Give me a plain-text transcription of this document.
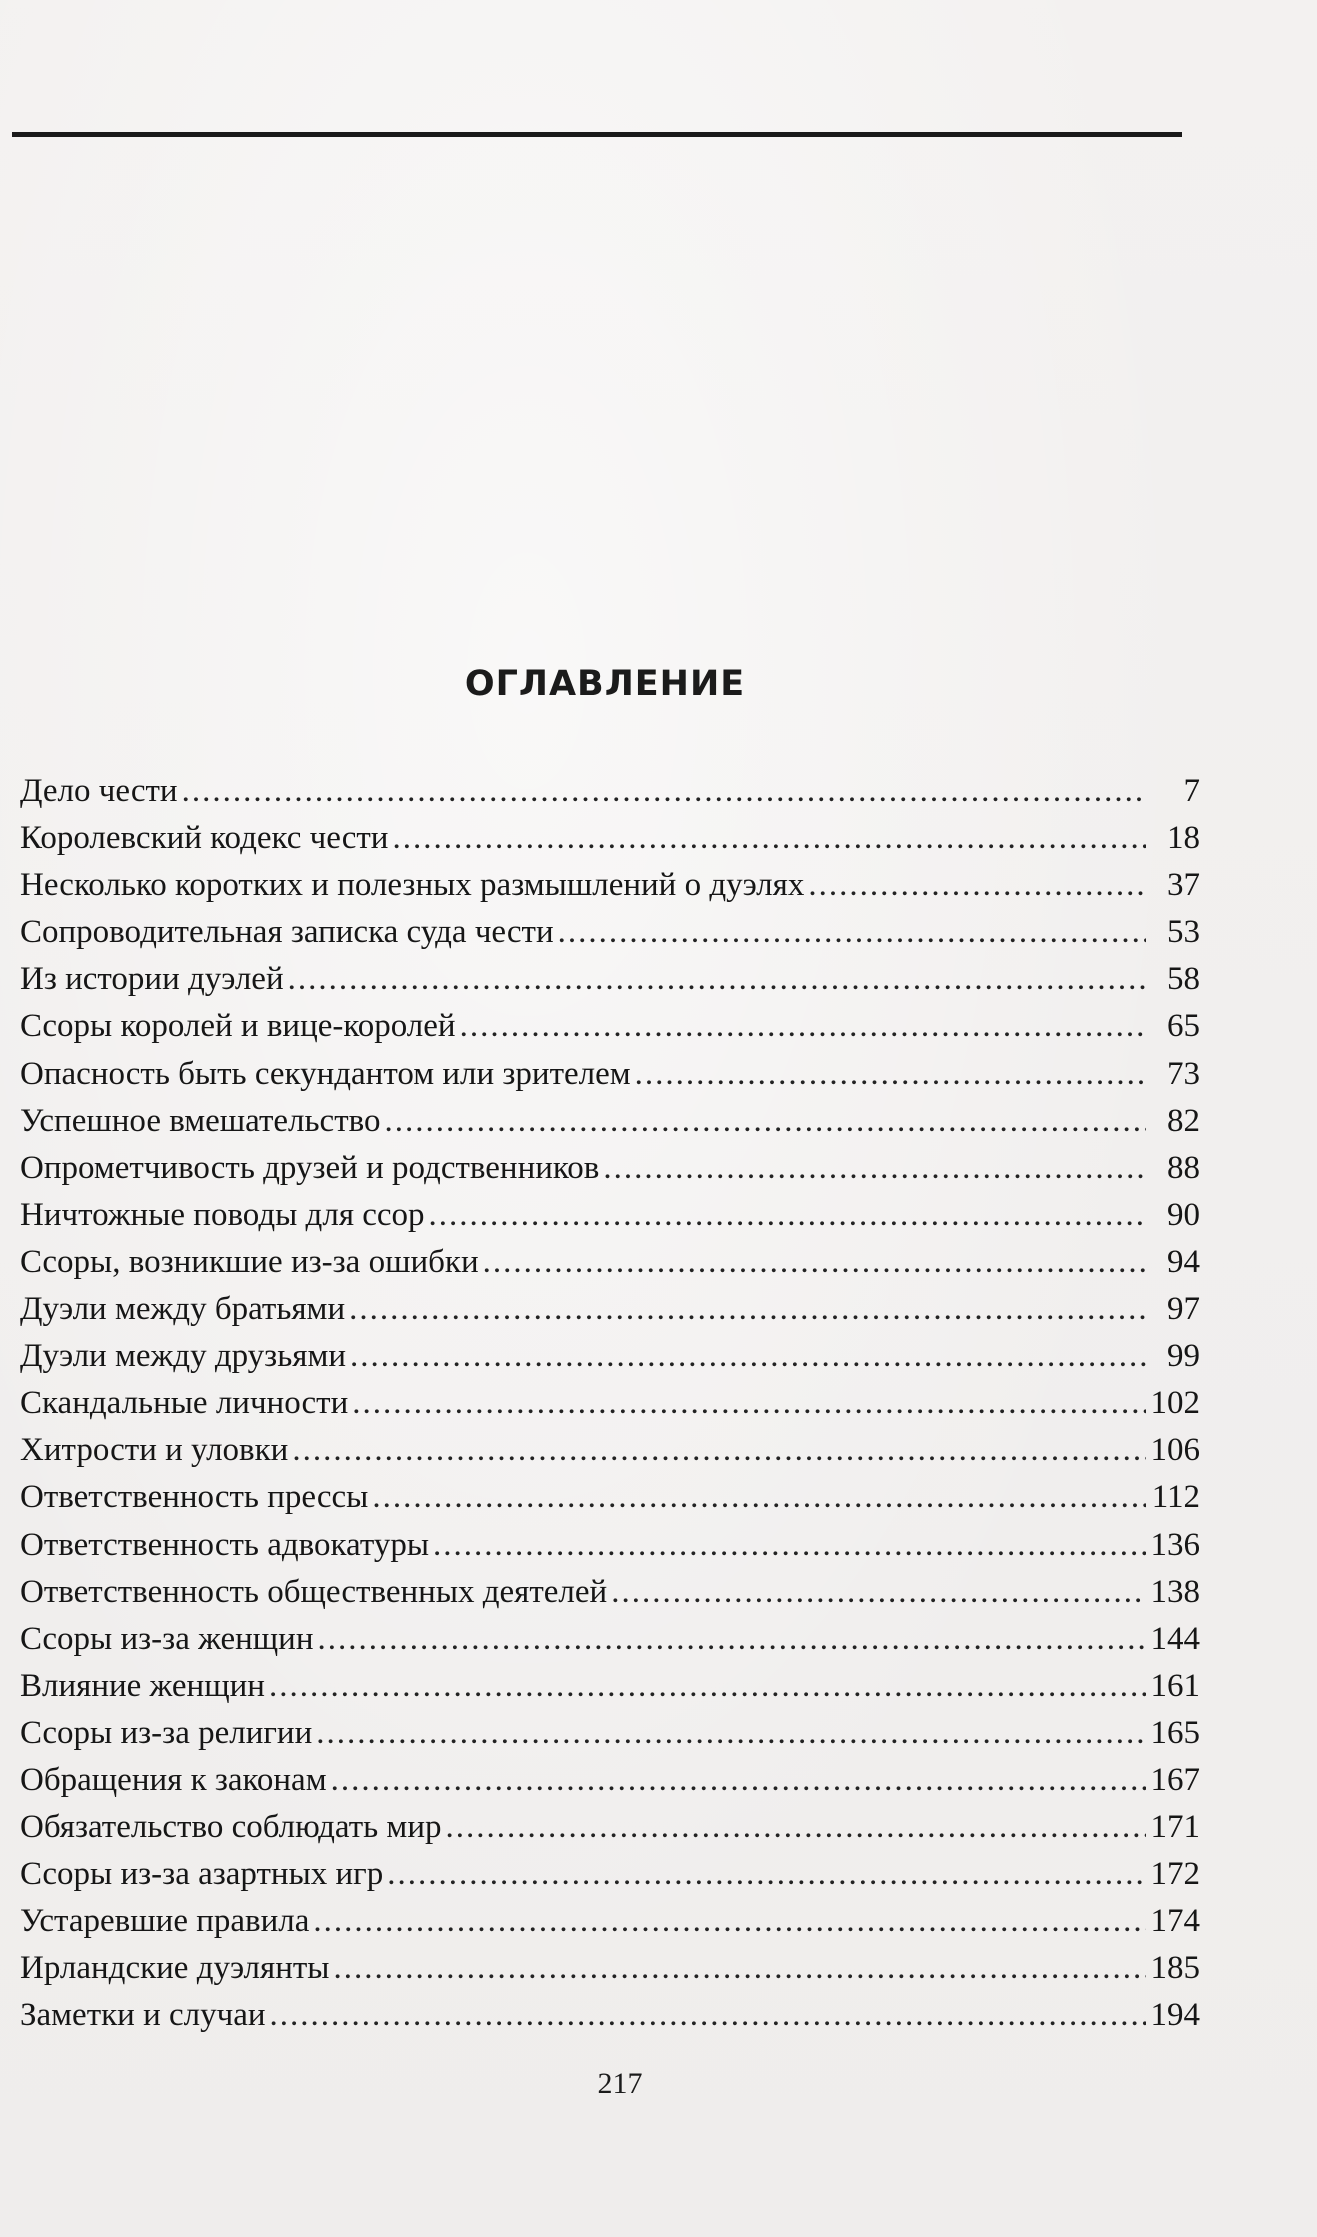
ОГЛАВЛЕНИЕ
Дело чести .....	7
Королевский кодекс чести .....	18
Несколько коротких и полезных размышлений о дуэлях .....	37
Сопроводительная записка суда чести .....	53
Из истории дуэлей .....	58
Ссоры королей и вице-королей .....	65
Опасность быть секундантом или зрителем .....	73
Успешное вмешательство .....	82
Опрометчивость друзей и родственников .....	88
Ничтожные поводы для ссор .....	90
Ссоры, возникшие из-за ошибки .....	94
Дуэли между братьями .....	97
Дуэли между друзьями .....	99
Скандальные личности .....	102
Хитрости и уловки .....	106
Ответственность прессы .....	112
Ответственность адвокатуры .....	136
Ответственность общественных деятелей .....	138
Ссоры из-за женщин .....	144
Влияние женщин .....	161
Ссоры из-за религии .....	165
Обращения к законам .....	167
Обязательство соблюдать мир .....	171
Ссоры из-за азартных игр .....	172
Устаревшие правила .....	174
Ирландские дуэлянты .....	185
Заметки и случаи .....	194
217
